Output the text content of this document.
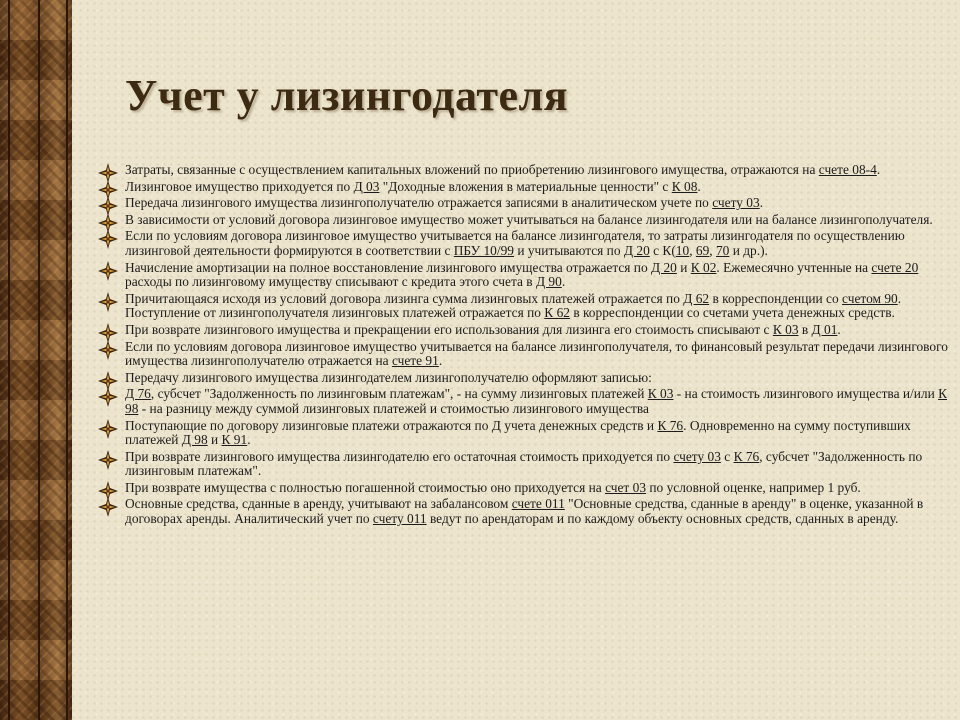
Учет у лизингодателя
Затраты, связанные с осуществлением капитальных вложений по приобретению лизингового имущества, отражаются на счете 08-4.
Лизинговое имущество приходуется по Д 03 "Доходные вложения в материальные ценности" с К 08.
Передача лизингового имущества лизингополучателю отражается записями в аналитическом учете по счету 03.
В зависимости от условий договора лизинговое имущество может учитываться на балансе лизингодателя или на балансе лизингополучателя.
Если по условиям договора лизинговое имущество учитывается на балансе лизингодателя, то затраты лизингодателя по осуществлению лизинговой деятельности формируются в соответствии с ПБУ 10/99 и учитываются по Д 20 с К(10, 69, 70 и др.).
Начисление амортизации на полное восстановление лизингового имущества отражается по Д 20 и К 02. Ежемесячно учтенные на счете 20 расходы по лизинговому имуществу списывают с кредита этого счета в Д 90.
Причитающаяся исходя из условий договора лизинга сумма лизинговых платежей отражается по Д 62 в корреспонденции со счетом 90. Поступление от лизингополучателя лизинговых платежей отражается по К 62 в корреспонденции со счетами учета денежных средств.
При возврате лизингового имущества и прекращении его использования для лизинга его стоимость списывают с К 03 в Д 01.
Если по условиям договора лизинговое имущество учитывается на балансе лизингополучателя, то финансовый результат передачи лизингового имущества лизингополучателю отражается на счете 91.
Передачу лизингового имущества лизингодателем лизингополучателю оформляют записью:
Д 76, субсчет "Задолженность по лизинговым платежам", - на сумму лизинговых платежей К 03 - на стоимость лизингового имущества и/или К 98 - на разницу между суммой лизинговых платежей и стоимостью лизингового имущества
Поступающие по договору лизинговые платежи отражаются по Д учета денежных средств и К 76. Одновременно на сумму поступивших платежей Д 98 и К 91.
При возврате лизингового имущества лизингодателю его остаточная стоимость приходуется по счету 03 с К 76, субсчет "Задолженность по лизинговым платежам".
При возврате имущества с полностью погашенной стоимостью оно приходуется на счет 03 по условной оценке, например 1 руб.
Основные средства, сданные в аренду, учитывают на забалансовом счете 011 "Основные средства, сданные в аренду" в оценке, указанной в договорах аренды. Аналитический учет по счету 011 ведут по арендаторам и по каждому объекту основных средств, сданных в аренду.
